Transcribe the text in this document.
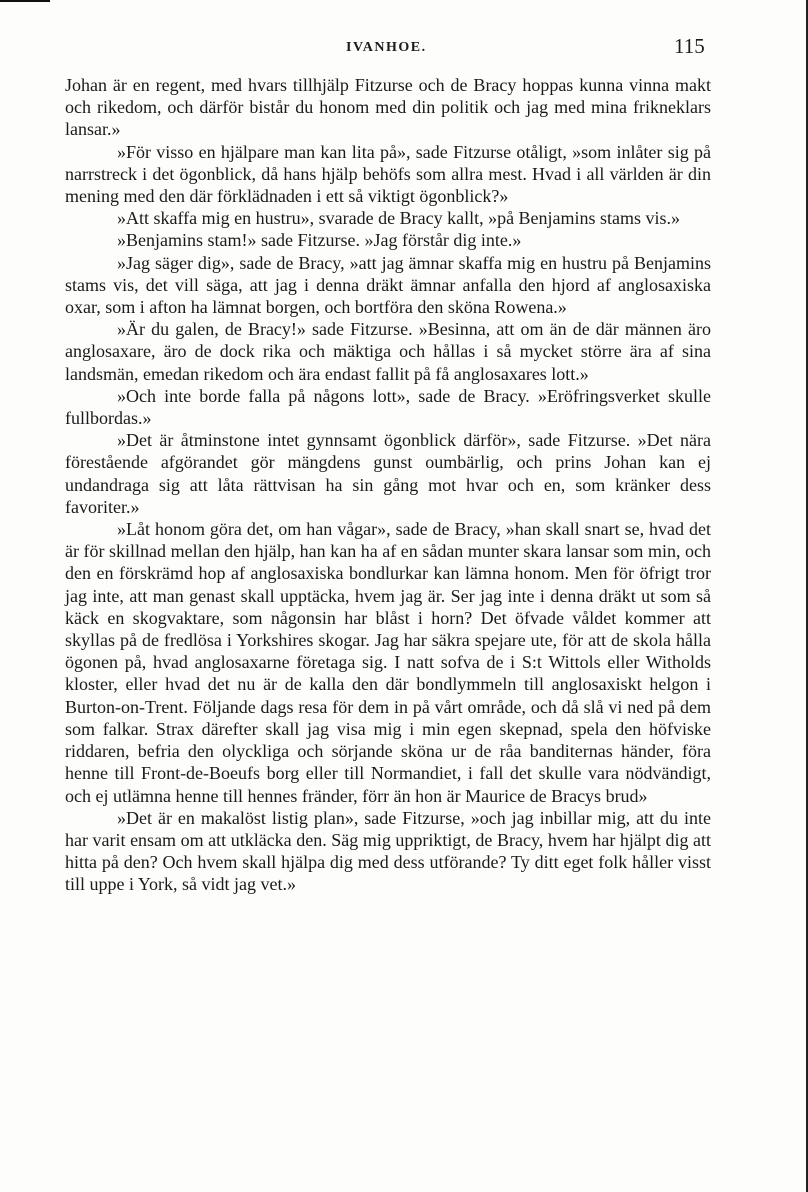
IVANHOE.	115

Johan är en regent, med hvars tillhjälp Fitzurse och de Bracy hoppas kunna vinna makt och rikedom, och därför bistår du honom med din politik och jag med mina frikneklars lansar.»

»För visso en hjälpare man kan lita på», sade Fitzurse otåligt, »som inlåter sig på narrstreck i det ögonblick, då hans hjälp behöfs som allra mest. Hvad i all världen är din mening med den där förklädnaden i ett så viktigt ögonblick?»

»Att skaffa mig en hustru», svarade de Bracy kallt, »på Benjamins stams vis.»

»Benjamins stam!» sade Fitzurse. »Jag förstår dig inte.»

»Jag säger dig», sade de Bracy, »att jag ämnar skaffa mig en hustru på Benjamins stams vis, det vill säga, att jag i denna dräkt ämnar anfalla den hjord af anglosaxiska oxar, som i afton ha lämnat borgen, och bortföra den sköna Rowena.»

»Är du galen, de Bracy!» sade Fitzurse. »Besinna, att om än de där männen äro anglosaxare, äro de dock rika och mäktiga och hållas i så mycket större ära af sina landsmän, emedan rikedom och ära endast fallit på få anglosaxares lott.»

»Och inte borde falla på någons lott», sade de Bracy. »Eröfringsverket skulle fullbordas.»

»Det är åtminstone intet gynnsamt ögonblick därför», sade Fitzurse. »Det nära förestående afgörandet gör mängdens gunst oumbärlig, och prins Johan kan ej undandraga sig att låta rättvisan ha sin gång mot hvar och en, som kränker dess favoriter.»

»Låt honom göra det, om han vågar», sade de Bracy, »han skall snart se, hvad det är för skillnad mellan den hjälp, han kan ha af en sådan munter skara lansar som min, och den en förskrämd hop af anglosaxiska bondlurkar kan lämna honom. Men för öfrigt tror jag inte, att man genast skall upptäcka, hvem jag är. Ser jag inte i denna dräkt ut som så käck en skogvaktare, som någonsin har blåst i horn? Det öfvade våldet kommer att skyllas på de fredlösa i Yorkshires skogar. Jag har säkra spejare ute, för att de skola hålla ögonen på, hvad anglosaxarne företaga sig. I natt sofva de i S:t Wittols eller Witholds kloster, eller hvad det nu är de kalla den där bondlymmeln till anglosaxiskt helgon i Burton-on-Trent. Följande dags resa för dem in på vårt område, och då slå vi ned på dem som falkar. Strax därefter skall jag visa mig i min egen skepnad, spela den höfviske riddaren, befria den olyckliga och sörjande sköna ur de råa banditernas händer, föra henne till Front-de-Boeufs borg eller till Normandiet, i fall det skulle vara nödvändigt, och ej utlämna henne till hennes fränder, förr än hon är Maurice de Bracys brud»

»Det är en makalöst listig plan», sade Fitzurse, »och jag inbillar mig, att du inte har varit ensam om att utkläcka den. Säg mig uppriktigt, de Bracy, hvem har hjälpt dig att hitta på den? Och hvem skall hjälpa dig med dess utförande? Ty ditt eget folk håller visst till uppe i York, så vidt jag vet.»
